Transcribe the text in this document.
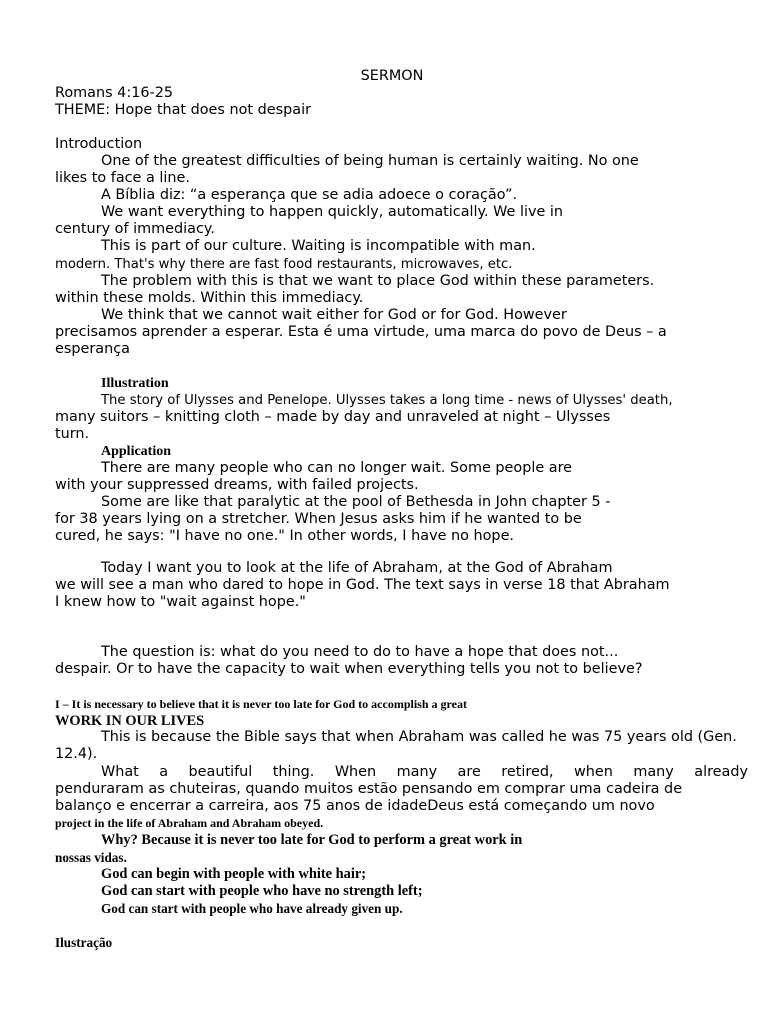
SERMON

Romans 4:16-25

THEME: Hope that does not despair

Introduction

One of the greatest difficulties of being human is certainly waiting. No one

likes to face a line.

A Bíblia diz: “a esperança que se adia adoece o coração”.

We want everything to happen quickly, automatically. We live in

century of immediacy.

This is part of our culture. Waiting is incompatible with man.

modern. That's why there are fast food restaurants, microwaves, etc.

The problem with this is that we want to place God within these parameters.

within these molds. Within this immediacy.

We think that we cannot wait either for God or for God. However

precisamos aprender a esperar. Esta é uma virtude, uma marca do povo de Deus – a

esperança

Illustration

The story of Ulysses and Penelope. Ulysses takes a long time - news of Ulysses' death,

many suitors – knitting cloth – made by day and unraveled at night – Ulysses

turn.

Application

There are many people who can no longer wait. Some people are

with your suppressed dreams, with failed projects.

Some are like that paralytic at the pool of Bethesda in John chapter 5 -

for 38 years lying on a stretcher. When Jesus asks him if he wanted to be

cured, he says: "I have no one." In other words, I have no hope.

Today I want you to look at the life of Abraham, at the God of Abraham

we will see a man who dared to hope in God. The text says in verse 18 that Abraham

I knew how to "wait against hope."

The question is: what do you need to do to have a hope that does not...

despair. Or to have the capacity to wait when everything tells you not to believe?

I – It is necessary to believe that it is never too late for God to accomplish a great

WORK IN OUR LIVES

This is because the Bible says that when Abraham was called he was 75 years old (Gen.

12.4).

What a beautiful thing. When many are retired, when many already

penduraram as chuteiras, quando muitos estão pensando em comprar uma cadeira de

balanço e encerrar a carreira, aos 75 anos de idadeDeus está começando um novo

project in the life of Abraham and Abraham obeyed.

Why? Because it is never too late for God to perform a great work in

nossas vidas.

God can begin with people with white hair;

God can start with people who have no strength left;

God can start with people who have already given up.

Ilustração
